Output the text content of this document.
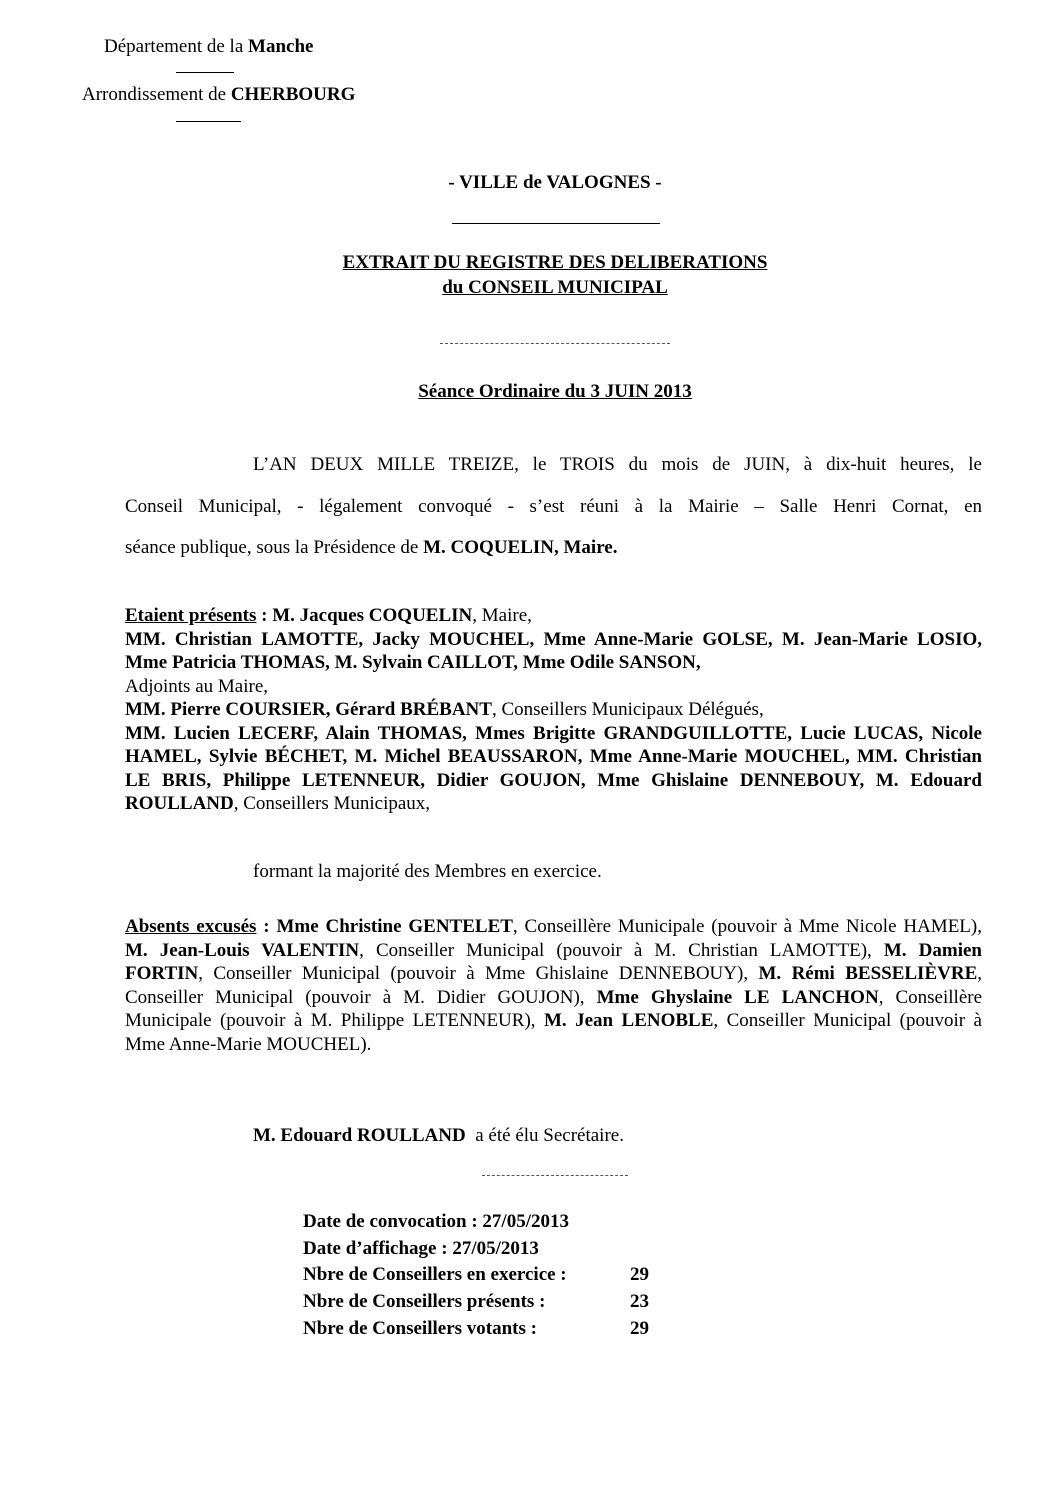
Département de la Manche
Arrondissement de CHERBOURG
- VILLE de VALOGNES -
EXTRAIT DU REGISTRE DES DELIBERATIONS
du CONSEIL MUNICIPAL
Séance Ordinaire du 3 JUIN 2013
L’AN DEUX MILLE TREIZE, le TROIS du mois de JUIN, à dix-huit heures, le
Conseil Municipal, - légalement convoqué - s’est réuni à la Mairie – Salle Henri Cornat, en
séance publique, sous la Présidence de M. COQUELIN, Maire.
Etaient présents : M. Jacques COQUELIN, Maire,
MM. Christian LAMOTTE, Jacky MOUCHEL, Mme Anne-Marie GOLSE, M. Jean-Marie LOSIO, Mme Patricia THOMAS, M. Sylvain CAILLOT, Mme Odile SANSON,
Adjoints au Maire,
MM. Pierre COURSIER, Gérard BRÉBANT, Conseillers Municipaux Délégués,
MM. Lucien LECERF, Alain THOMAS, Mmes Brigitte GRANDGUILLOTTE, Lucie LUCAS, Nicole HAMEL, Sylvie BÉCHET, M. Michel BEAUSSARON, Mme Anne-Marie MOUCHEL, MM. Christian LE BRIS, Philippe LETENNEUR, Didier GOUJON, Mme Ghislaine DENNEBOUY, M. Edouard ROULLAND, Conseillers Municipaux,
formant la majorité des Membres en exercice.
Absents excusés : Mme Christine GENTELET, Conseillère Municipale (pouvoir à Mme Nicole HAMEL), M. Jean-Louis VALENTIN, Conseiller Municipal (pouvoir à M. Christian LAMOTTE), M. Damien FORTIN, Conseiller Municipal (pouvoir à Mme Ghislaine DENNEBOUY), M. Rémi BESSELIÈVRE, Conseiller Municipal (pouvoir à M. Didier GOUJON), Mme Ghyslaine LE LANCHON, Conseillère Municipale (pouvoir à M. Philippe LETENNEUR), M. Jean LENOBLE, Conseiller Municipal (pouvoir à Mme Anne-Marie MOUCHEL).
M. Edouard ROULLAND  a été élu Secrétaire.
Date de convocation : 27/05/2013
Date d’affichage : 27/05/2013
Nbre de Conseillers en exercice :	29
Nbre de Conseillers présents :	23
Nbre de Conseillers votants :	29
